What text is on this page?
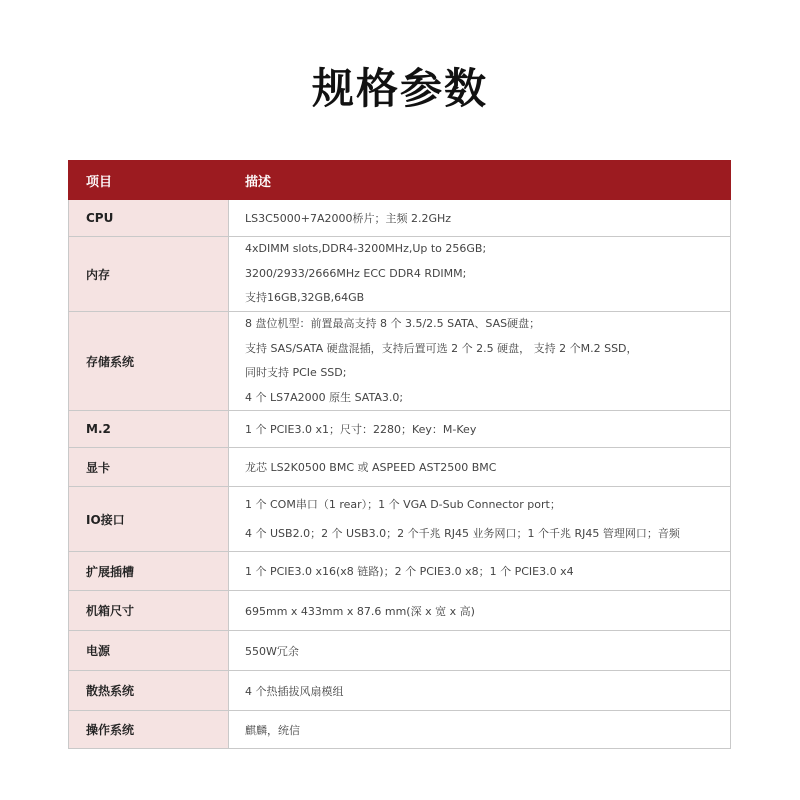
规格参数
项目	描述
CPU	LS3C5000+7A2000桥片；主频 2.2GHz

内存	4xDIMM slots,DDR4-3200MHz,Up to 256GB;
3200/2933/2666MHz ECC DDR4 RDIMM;
支持16GB,32GB,64GB

存储系统	8 盘位机型：前置最高支持 8 个 3.5/2.5 SATA、SAS硬盘；
支持 SAS/SATA 硬盘混插，支持后置可选 2 个 2.5 硬盘， 支持 2 个M.2 SSD，
同时支持 PCIe SSD;
4 个 LS7A2000 原生 SATA3.0;

M.2	1 个 PCIE3.0 x1；尺寸：2280；Key：M-Key

显卡	龙芯 LS2K0500 BMC 或 ASPEED AST2500 BMC

IO接口	1 个 COM串口（1 rear）；1 个 VGA D-Sub Connector port；
4 个 USB2.0；2 个 USB3.0；2 个千兆 RJ45 业务网口；1 个千兆 RJ45 管理网口；音频

扩展插槽	1 个 PCIE3.0 x16(x8 链路)；2 个 PCIE3.0 x8；1 个 PCIE3.0 x4

机箱尺寸	695mm x 433mm x 87.6 mm(深 x 宽 x 高)

电源	550W冗余

散热系统	4 个热插拔风扇模组

操作系统	麒麟，统信
